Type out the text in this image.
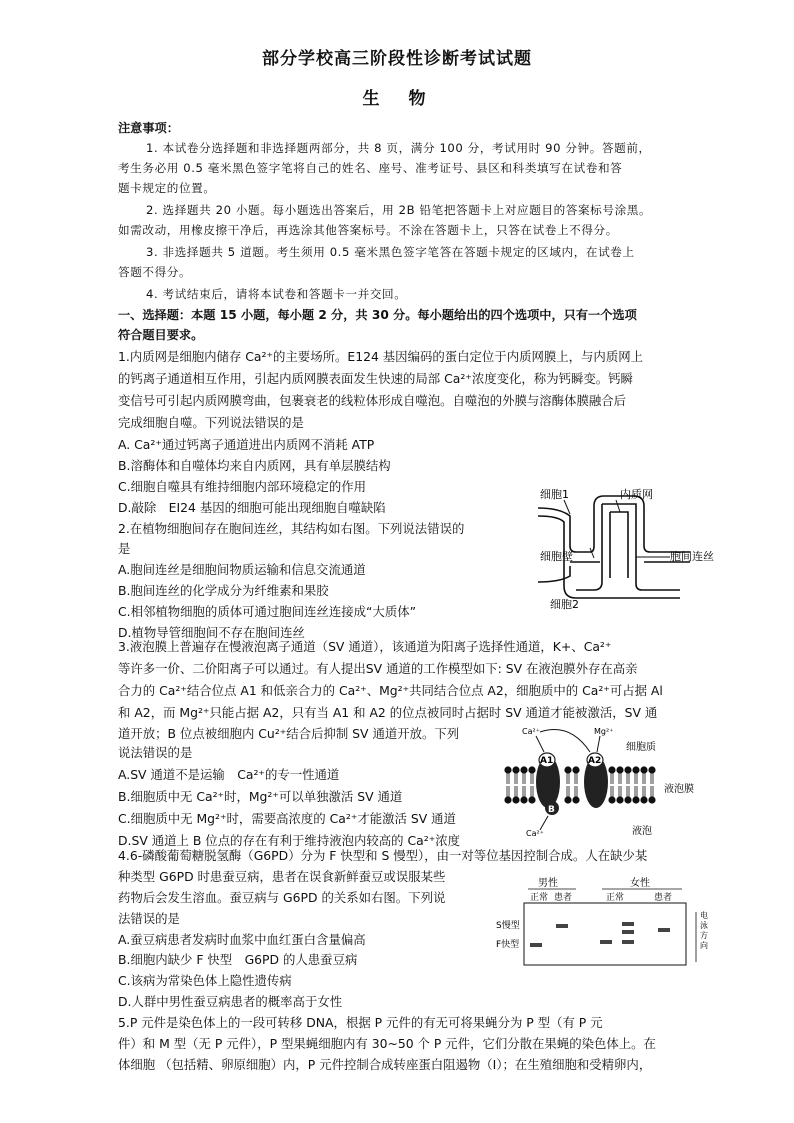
部分学校高三阶段性诊断考试试题
生　物
注意事项：
1. 本试卷分选择题和非选择题两部分，共 8 页，满分 100 分，考试用时 90 分钟。答题前，
考生务必用 0.5 毫米黑色签字笔将自己的姓名、座号、准考证号、县区和科类填写在试卷和答
题卡规定的位置。
2. 选择题共 20 小题。每小题选出答案后，用 2B 铅笔把答题卡上对应题目的答案标号涂黑。
如需改动，用橡皮擦干净后，再选涂其他答案标号。不涂在答题卡上，只答在试卷上不得分。
3. 非选择题共 5 道题。考生须用 0.5 毫米黑色签字笔答在答题卡规定的区域内，在试卷上
答题不得分。
4. 考试结束后，请将本试卷和答题卡一并交回。
一、选择题：本题 15 小题，每小题 2 分，共 30 分。每小题给出的四个选项中，只有一个选项
符合题目要求。
1.内质网是细胞内储存 Ca²⁺的主要场所。E124 基因编码的蛋白定位于内质网膜上，与内质网上
的钙离子通道相互作用，引起内质网膜表面发生快速的局部 Ca²⁺浓度变化，称为钙瞬变。钙瞬
变信号可引起内质网膜弯曲，包裹衰老的线粒体形成自噬泡。自噬泡的外膜与溶酶体膜融合后
完成细胞自噬。下列说法错误的是
A. Ca²⁺通过钙离子通道进出内质网不消耗 ATP
B.溶酶体和自噬体均来自内质网，具有单层膜结构
C.细胞自噬具有维持细胞内部环境稳定的作用
D.敲除　EI24 基因的细胞可能出现细胞自噬缺陷
2.在植物细胞间存在胞间连丝，其结构如右图。下列说法错误的
是
A.胞间连丝是细胞间物质运输和信息交流通道
B.胞间连丝的化学成分为纤维素和果胶
C.相邻植物细胞的质体可通过胞间连丝连接成“大质体”
D.植物导管细胞间不存在胞间连丝
细胞1	内质网
细胞壁	胞间连丝
细胞2
3.液泡膜上普遍存在慢液泡离子通道（SV 通道），该通道为阳离子选择性通道，K+、Ca²⁺
等许多一价、二价阳离子可以通过。有人提出SV 通道的工作模型如下: SV 在液泡膜外存在高亲
合力的 Ca²⁺结合位点 A1 和低亲合力的 Ca²⁺、Mg²⁺共同结合位点 A2，细胞质中的 Ca²⁺可占据 Al
和 A2，而 Mg²⁺只能占据 A2，只有当 A1 和 A2 的位点被同时占据时 SV 通道才能被激活，SV 通
道开放；B 位点被细胞内 Cu²⁺结合后抑制 SV 通道开放。下列
说法错误的是
A.SV 通道不是运输　Ca²⁺的专一性通道
B.细胞质中无 Ca²⁺时，Mg²⁺可以单独激活 SV 通道
C.细胞质中无 Mg²⁺时，需要高浓度的 Ca²⁺才能激活 SV 通道
D.SV 通道上 B 位点的存在有利于维持液泡内较高的 Ca²⁺浓度
A1	A2
B
Ca²⁺	Mg²⁺
Ca²⁺
细胞质
液泡膜
液泡
4.6-磷酸葡萄糖脱氢酶（G6PD）分为 F 快型和 S 慢型），由一对等位基因控制合成。人在缺少某
种类型 G6PD 时患蚕豆病，患者在误食新鲜蚕豆或误服某些
药物后会发生溶血。蚕豆病与 G6PD 的关系如右图。下列说
法错误的是
A.蚕豆病患者发病时血浆中血红蛋白含量偏高
B.细胞内缺少 F 快型　G6PD 的人患蚕豆病
C.该病为常染色体上隐性遗传病
D.人群中男性蚕豆病患者的概率高于女性
男性	女性
正常 患者	正常	患者
S慢型
F快型
电 泳 方 向
5.P 元件是染色体上的一段可转移 DNA，根据 P 元件的有无可将果蝇分为 P 型（有 P 元
件）和 M 型（无 P 元件），P 型果蝇细胞内有 30~50 个 P 元件，它们分散在果蝇的染色体上。在
体细胞 （包括精、卵原细胞）内，P 元件控制合成转座蛋白阻遏物（I）；在生殖细胞和受精卵内，
